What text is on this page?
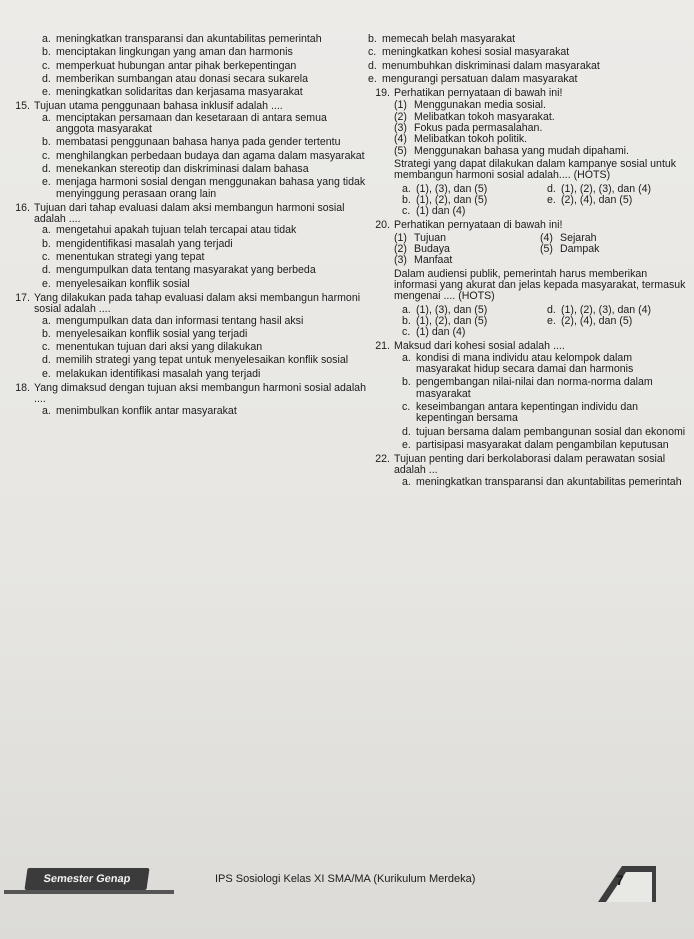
a. meningkatkan transparansi dan akuntabilitas pemerintah
b. menciptakan lingkungan yang aman dan harmonis
c. memperkuat hubungan antar pihak berkepentingan
d. memberikan sumbangan atau donasi secara sukarela
e. meningkatkan solidaritas dan kerjasama masyarakat
15. Tujuan utama penggunaan bahasa inklusif adalah ....
a. menciptakan persamaan dan kesetaraan di antara semua anggota masyarakat
b. membatasi penggunaan bahasa hanya pada gender tertentu
c. menghilangkan perbedaan budaya dan agama dalam masyarakat
d. menekankan stereotip dan diskriminasi dalam bahasa
e. menjaga harmoni sosial dengan menggunakan bahasa yang tidak menyinggung perasaan orang lain
16. Tujuan dari tahap evaluasi dalam aksi membangun harmoni sosial adalah ....
a. mengetahui apakah tujuan telah tercapai atau tidak
b. mengidentifikasi masalah yang terjadi
c. menentukan strategi yang tepat
d. mengumpulkan data tentang masyarakat yang berbeda
e. menyelesaikan konflik sosial
17. Yang dilakukan pada tahap evaluasi dalam aksi membangun harmoni sosial adalah ....
a. mengumpulkan data dan informasi tentang hasil aksi
b. menyelesaikan konflik sosial yang terjadi
c. menentukan tujuan dari aksi yang dilakukan
d. memilih strategi yang tepat untuk menyelesaikan konflik sosial
e. melakukan identifikasi masalah yang terjadi
18. Yang dimaksud dengan tujuan aksi membangun harmoni sosial adalah ....
a. menimbulkan konflik antar masyarakat
b. memecah belah masyarakat
c. meningkatkan kohesi sosial masyarakat
d. menumbuhkan diskriminasi dalam masyarakat
e. mengurangi persatuan dalam masyarakat
19. Perhatikan pernyataan di bawah ini!
(1) Menggunakan media sosial.
(2) Melibatkan tokoh masyarakat.
(3) Fokus pada permasalahan.
(4) Melibatkan tokoh politik.
(5) Menggunakan bahasa yang mudah dipahami.
Strategi yang dapat dilakukan dalam kampanye sosial untuk membangun harmoni sosial adalah.... (HOTS)
a. (1), (3), dan (5)	d. (1), (2), (3), dan (4)
b. (1), (2), dan (5)	e. (2), (4), dan (5)
c. (1) dan (4)
20. Perhatikan pernyataan di bawah ini!
(1) Tujuan	(4) Sejarah
(2) Budaya	(5) Dampak
(3) Manfaat
Dalam audiensi publik, pemerintah harus memberikan informasi yang akurat dan jelas kepada masyarakat, termasuk mengenai .... (HOTS)
a. (1), (3), dan (5)	d. (1), (2), (3), dan (4)
b. (1), (2), dan (5)	e. (2), (4), dan (5)
c. (1) dan (4)
21. Maksud dari kohesi sosial adalah ....
a. kondisi di mana individu atau kelompok dalam masyarakat hidup secara damai dan harmonis
b. pengembangan nilai-nilai dan norma-norma dalam masyarakat
c. keseimbangan antara kepentingan individu dan kepentingan bersama
d. tujuan bersama dalam pembangunan sosial dan ekonomi
e. partisipasi masyarakat dalam pengambilan keputusan
22. Tujuan penting dari berkolaborasi dalam perawatan sosial adalah ...
a. meningkatkan transparansi dan akuntabilitas pemerintah
Semester Genap	IPS Sosiologi Kelas XI SMA/MA (Kurikulum Merdeka)	7
